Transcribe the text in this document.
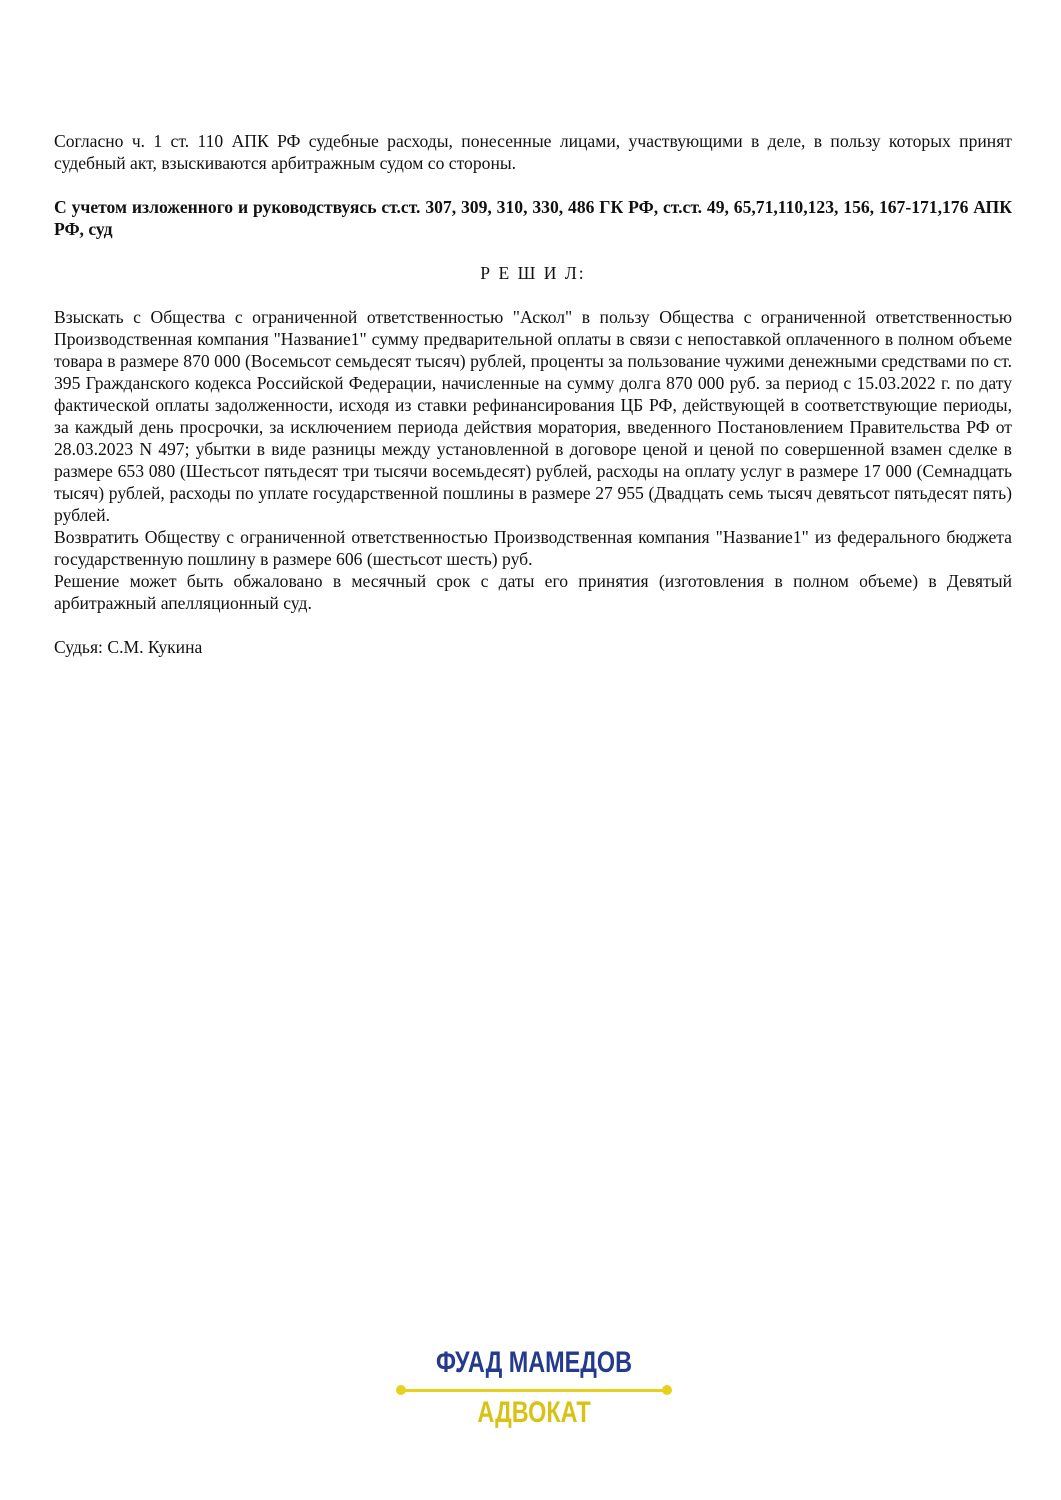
Согласно ч. 1 ст. 110 АПК РФ судебные расходы, понесенные лицами, участвующими в деле, в пользу которых принят судебный акт, взыскиваются арбитражным судом со стороны.

С учетом изложенного и руководствуясь ст.ст. 307, 309, 310, 330, 486 ГК РФ, ст.ст. 49, 65,71,110,123, 156, 167-171,176 АПК РФ, суд

Р Е Ш И Л:

Взыскать с Общества с ограниченной ответственностью "Аскол" в пользу Общества с ограниченной ответственностью Производственная компания "Название1" сумму предварительной оплаты в связи с непоставкой оплаченного в полном объеме товара в размере 870 000 (Восемьсот семьдесят тысяч) рублей, проценты за пользование чужими денежными средствами по ст. 395 Гражданского кодекса Российской Федерации, начисленные на сумму долга 870 000 руб. за период с 15.03.2022 г. по дату фактической оплаты задолженности, исходя из ставки рефинансирования ЦБ РФ, действующей в соответствующие периоды, за каждый день просрочки, за исключением периода действия моратория, введенного Постановлением Правительства РФ от 28.03.2023 N 497; убытки в виде разницы между установленной в договоре ценой и ценой по совершенной взамен сделке в размере 653 080 (Шестьсот пятьдесят три тысячи восемьдесят) рублей, расходы на оплату услуг в размере 17 000 (Семнадцать тысяч) рублей, расходы по уплате государственной пошлины в размере 27 955 (Двадцать семь тысяч девятьсот пятьдесят пять) рублей.

Возвратить Обществу с ограниченной ответственностью Производственная компания "Название1" из федерального бюджета государственную пошлину в размере 606 (шестьсот шесть) руб.

Решение может быть обжаловано в месячный срок с даты его принятия (изготовления в полном объеме) в Девятый арбитражный апелляционный суд.

Судья: С.М. Кукина

ФУАД МАМЕДОВ
АДВОКАТ
